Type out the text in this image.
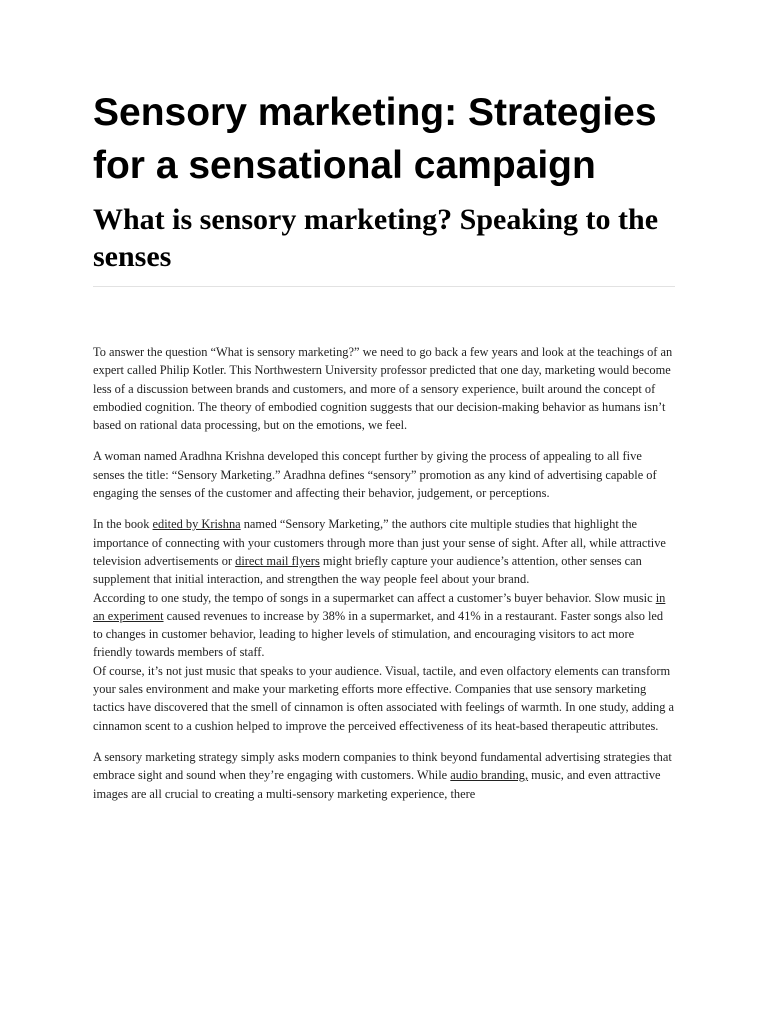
Sensory marketing: Strategies for a sensational campaign
What is sensory marketing? Speaking to the senses

To answer the question “What is sensory marketing?” we need to go back a few years and look at the teachings of an expert called Philip Kotler. This Northwestern University professor predicted that one day, marketing would become less of a discussion between brands and customers, and more of a sensory experience, built around the concept of embodied cognition. The theory of embodied cognition suggests that our decision-making behavior as humans isn’t based on rational data processing, but on the emotions, we feel.

A woman named Aradhna Krishna developed this concept further by giving the process of appealing to all five senses the title: “Sensory Marketing.” Aradhna defines “sensory” promotion as any kind of advertising capable of engaging the senses of the customer and affecting their behavior, judgement, or perceptions.

In the book edited by Krishna named “Sensory Marketing,” the authors cite multiple studies that highlight the importance of connecting with your customers through more than just your sense of sight. After all, while attractive television advertisements or direct mail flyers might briefly capture your audience’s attention, other senses can supplement that initial interaction, and strengthen the way people feel about your brand.

According to one study, the tempo of songs in a supermarket can affect a customer’s buyer behavior. Slow music in an experiment caused revenues to increase by 38% in a supermarket, and 41% in a restaurant. Faster songs also led to changes in customer behavior, leading to higher levels of stimulation, and encouraging visitors to act more friendly towards members of staff.

Of course, it’s not just music that speaks to your audience. Visual, tactile, and even olfactory elements can transform your sales environment and make your marketing efforts more effective. Companies that use sensory marketing tactics have discovered that the smell of cinnamon is often associated with feelings of warmth. In one study, adding a cinnamon scent to a cushion helped to improve the perceived effectiveness of its heat-based therapeutic attributes.

A sensory marketing strategy simply asks modern companies to think beyond fundamental advertising strategies that embrace sight and sound when they’re engaging with customers. While audio branding, music, and even attractive images are all crucial to creating a multi-sensory marketing experience, there
